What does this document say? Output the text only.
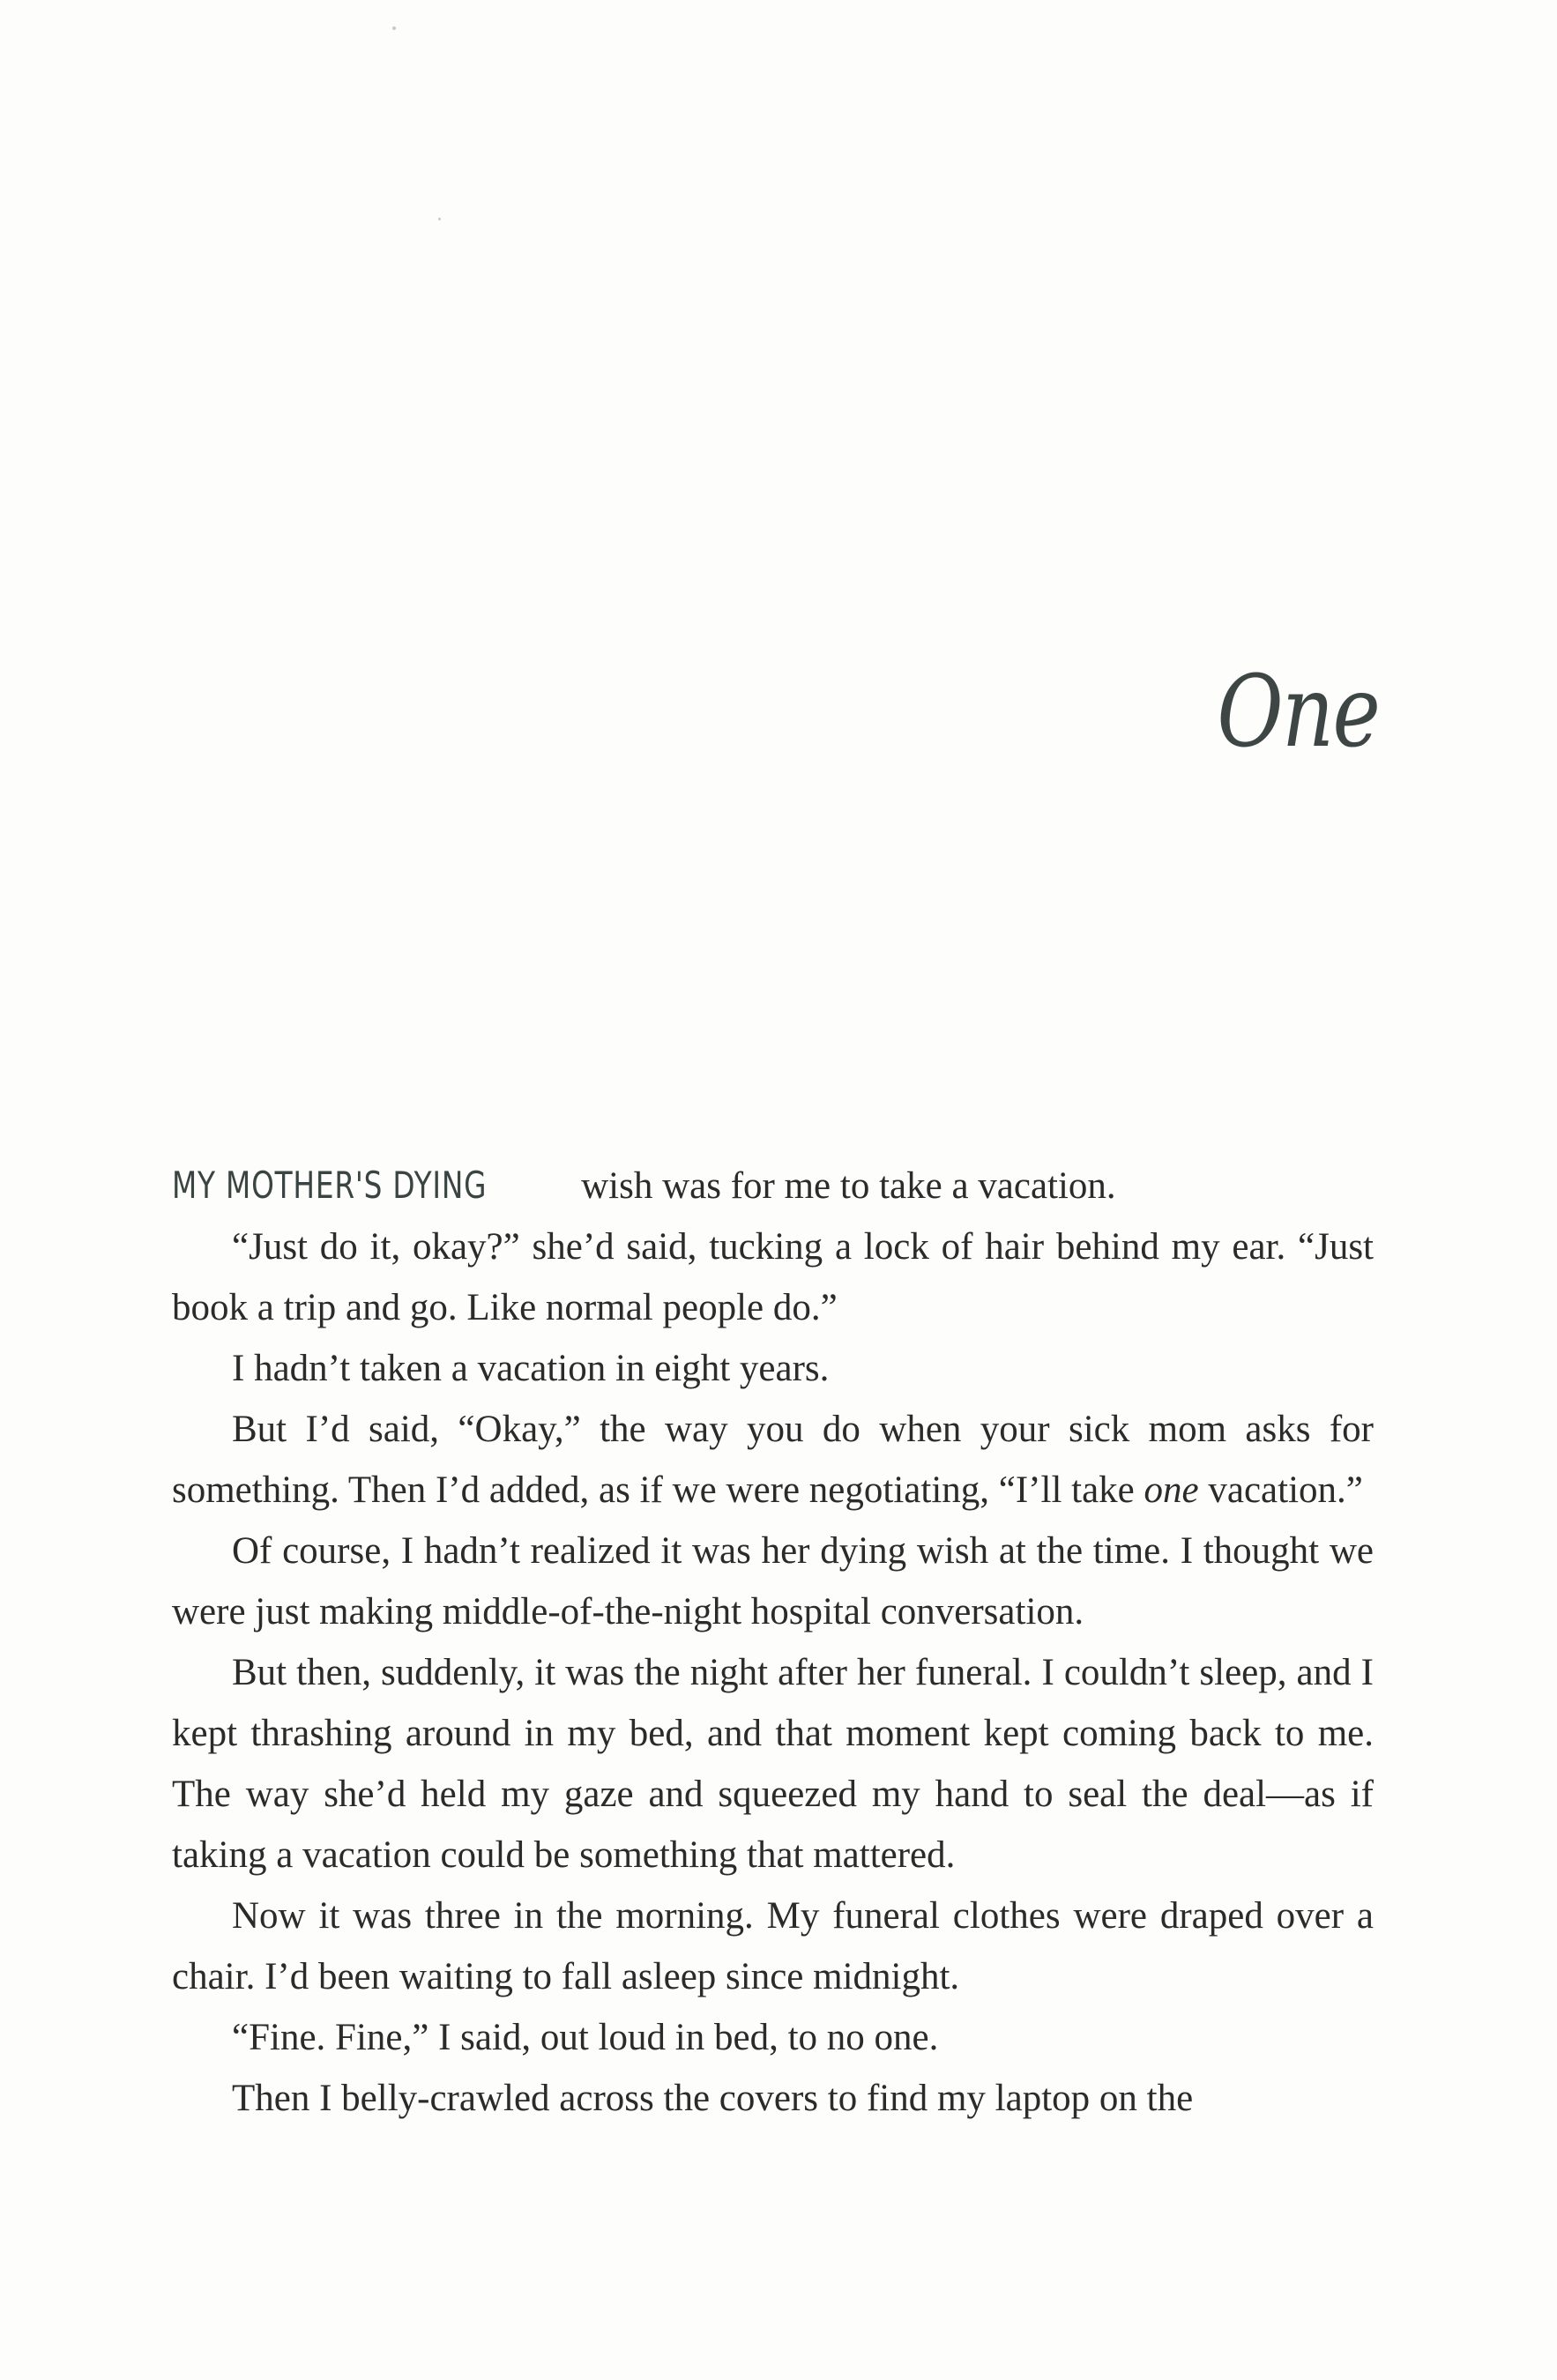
One

MY MOTHER'S DYING wish was for me to take a vacation.

“Just do it, okay?” she’d said, tucking a lock of hair behind my ear. “Just book a trip and go. Like normal people do.”

I hadn’t taken a vacation in eight years.

But I’d said, “Okay,” the way you do when your sick mom asks for something. Then I’d added, as if we were negotiating, “I’ll take one vacation.”

Of course, I hadn’t realized it was her dying wish at the time. I thought we were just making middle-of-the-night hospital conversation.

But then, suddenly, it was the night after her funeral. I couldn’t sleep, and I kept thrashing around in my bed, and that moment kept coming back to me. The way she’d held my gaze and squeezed my hand to seal the deal—as if taking a vacation could be something that mattered.

Now it was three in the morning. My funeral clothes were draped over a chair. I’d been waiting to fall asleep since midnight.

“Fine. Fine,” I said, out loud in bed, to no one.

Then I belly-crawled across the covers to find my laptop on the
